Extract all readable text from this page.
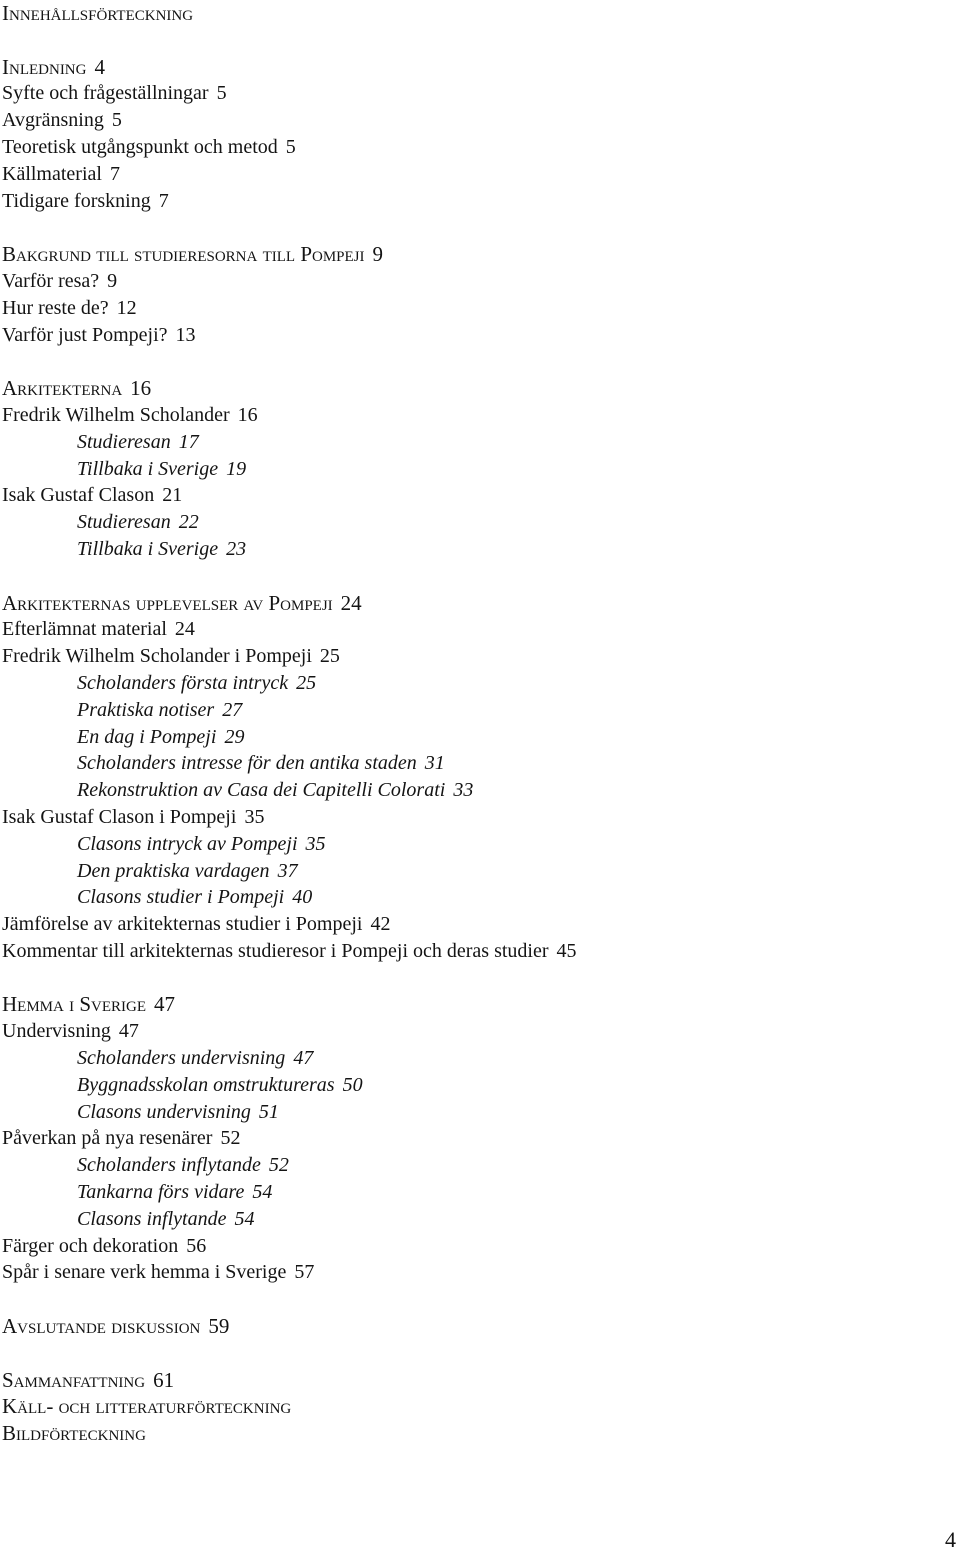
Innehållsförteckning
Inledning 4
Syfte och frågeställningar 5
Avgränsning 5
Teoretisk utgångspunkt och metod 5
Källmaterial 7
Tidigare forskning 7
Bakgrund till studieresorna till Pompeji 9
Varför resa? 9
Hur reste de? 12
Varför just Pompeji? 13
Arkitekterna 16
Fredrik Wilhelm Scholander 16
Studieresan 17
Tillbaka i Sverige 19
Isak Gustaf Clason 21
Studieresan 22
Tillbaka i Sverige 23
Arkitekternas upplevelser av Pompeji 24
Efterlämnat material 24
Fredrik Wilhelm Scholander i Pompeji 25
Scholanders första intryck 25
Praktiska notiser 27
En dag i Pompeji 29
Scholanders intresse för den antika staden 31
Rekonstruktion av Casa dei Capitelli Colorati 33
Isak Gustaf Clason i Pompeji 35
Clasons intryck av Pompeji 35
Den praktiska vardagen 37
Clasons studier i Pompeji 40
Jämförelse av arkitekternas studier i Pompeji 42
Kommentar till arkitekternas studieresor i Pompeji och deras studier 45
Hemma i Sverige 47
Undervisning 47
Scholanders undervisning 47
Byggnadsskolan omstruktureras 50
Clasons undervisning 51
Påverkan på nya resenärer 52
Scholanders inflytande 52
Tankarna förs vidare 54
Clasons inflytande 54
Färger och dekoration 56
Spår i senare verk hemma i Sverige 57
Avslutande diskussion 59
Sammanfattning 61
Käll- och litteraturförteckning
Bildförteckning
4
